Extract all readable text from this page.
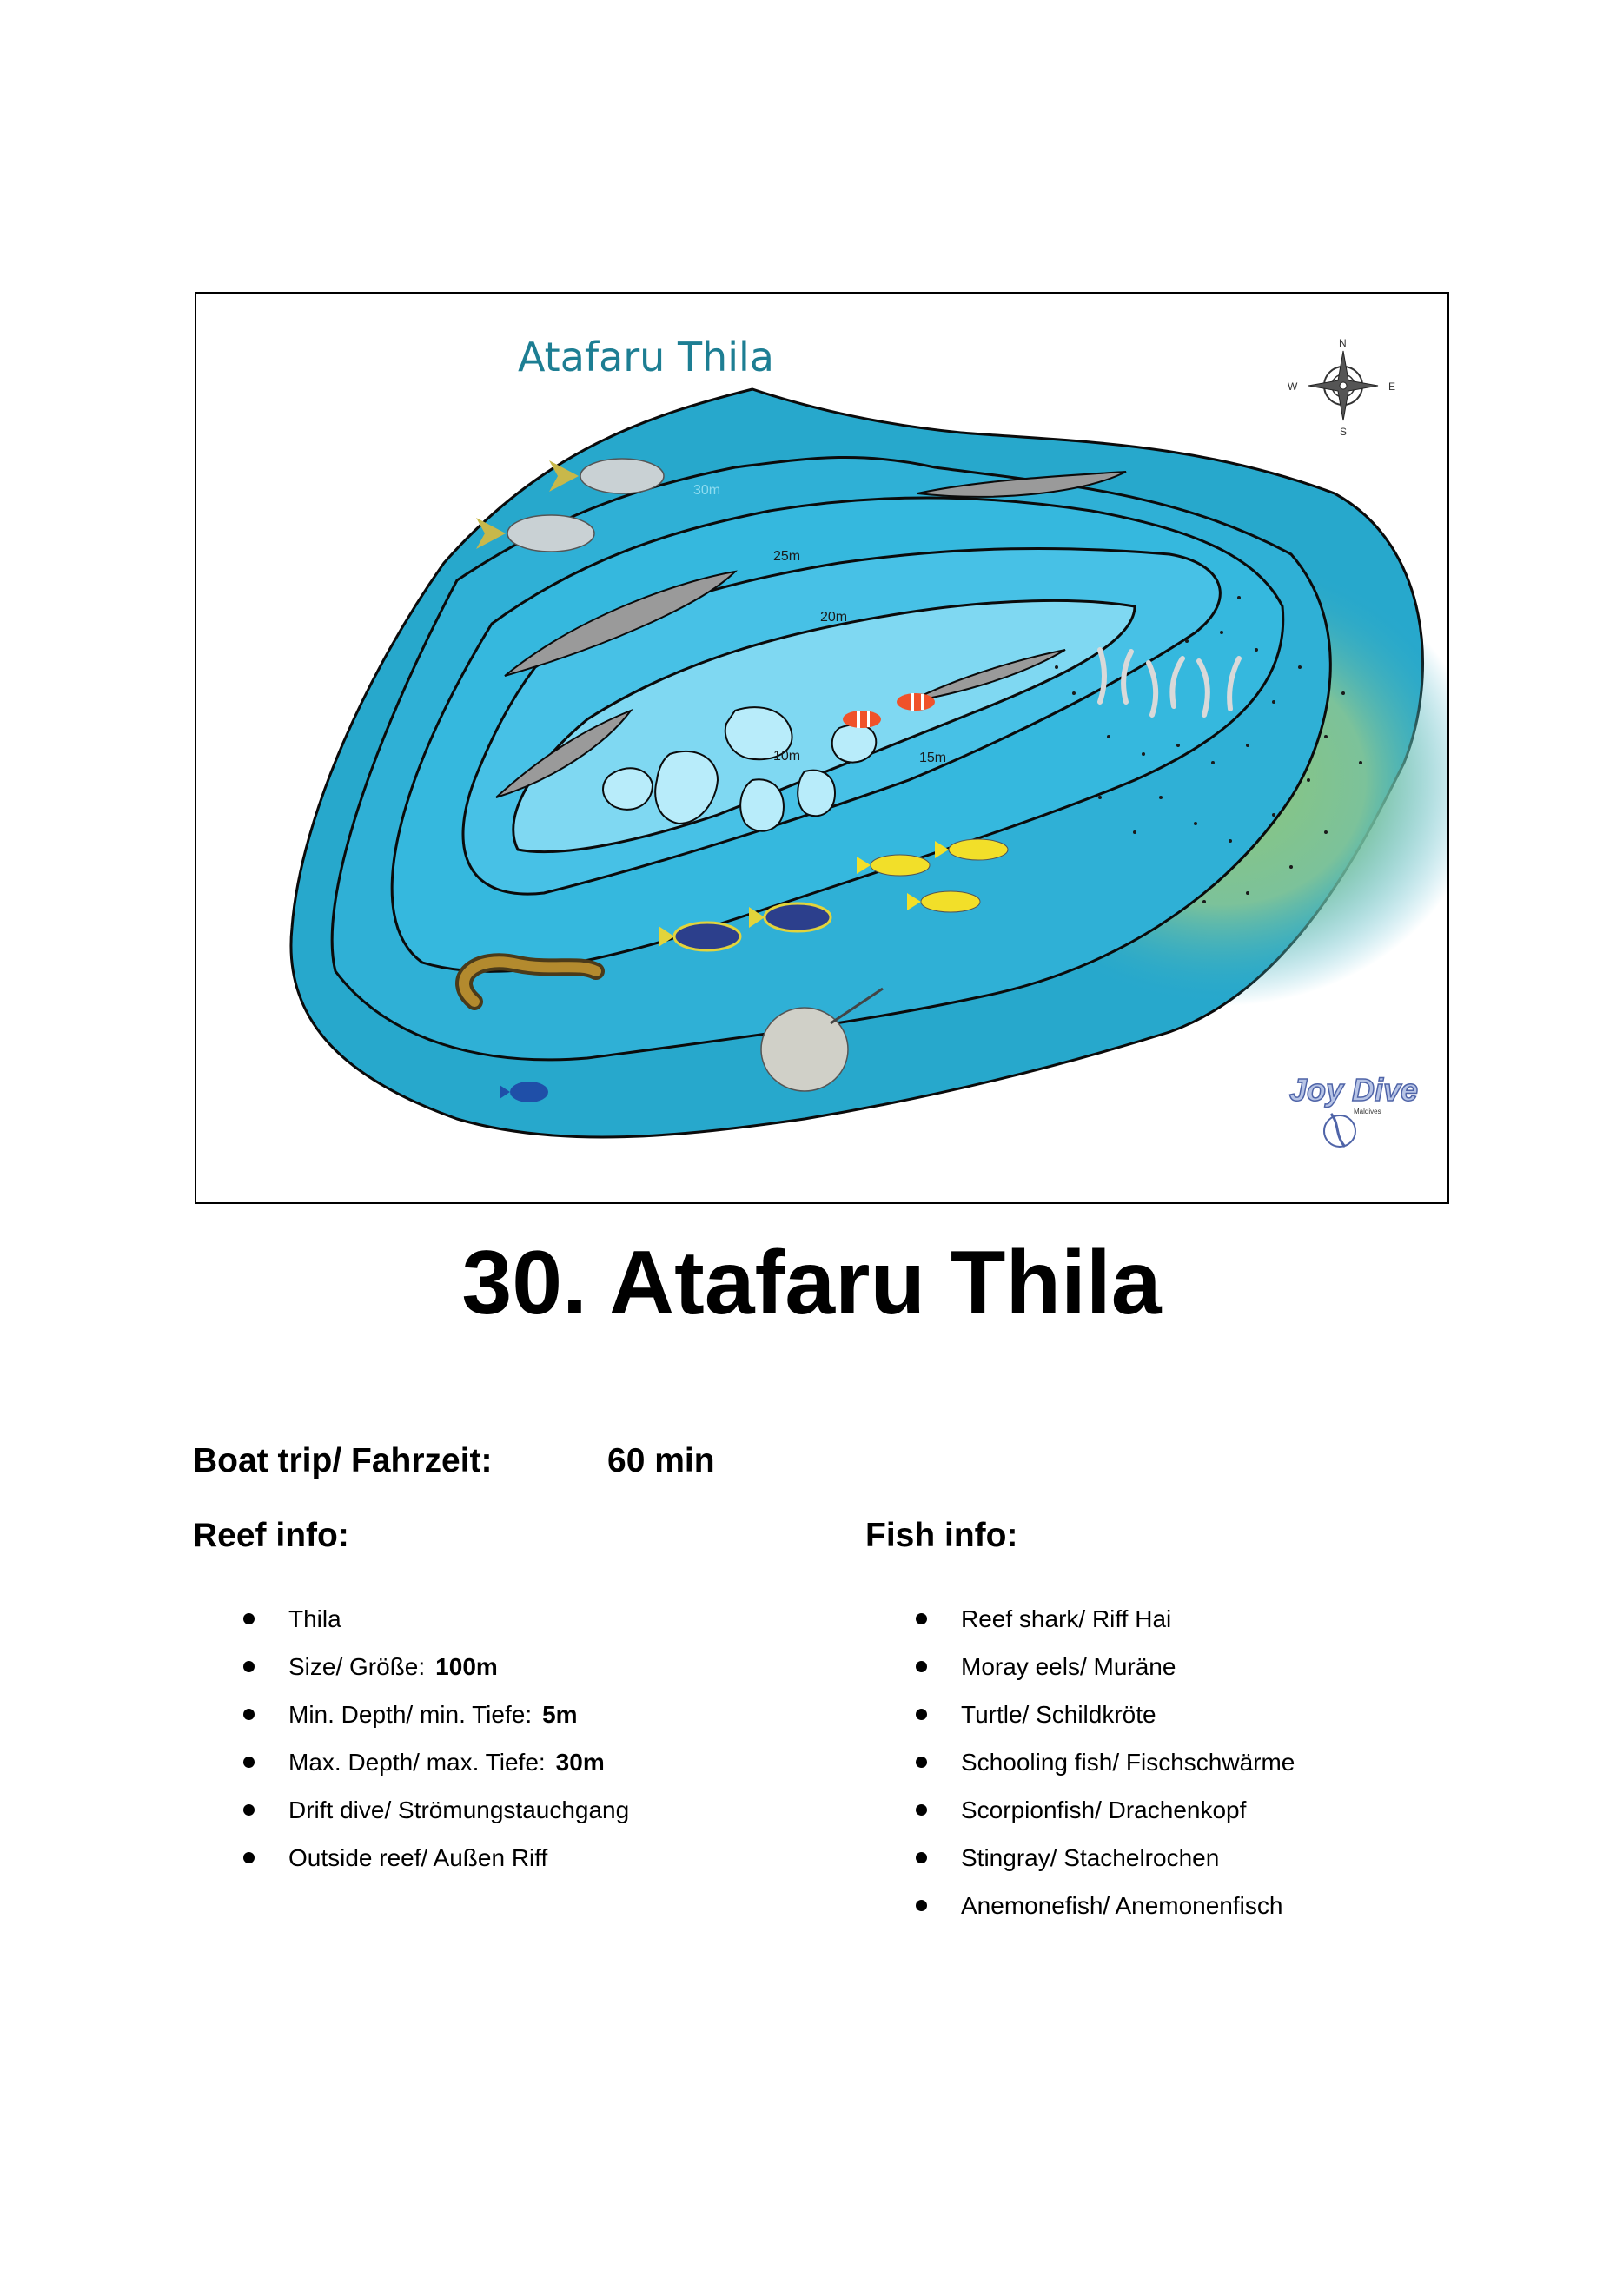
Atafaru Thila
30m
25m
20m
10m	15m
N
E
S
W
Joy Dive
Maldives
30. Atafaru Thila
Boat trip/ Fahrzeit:	60 min
Reef info:	Fish info:
Thila
Size/ Größe: 100m
Min. Depth/ min. Tiefe: 5m
Max. Depth/ max. Tiefe: 30m
Drift dive/ Strömungstauchgang
Outside reef/ Außen Riff
Reef shark/ Riff Hai
Moray eels/ Muräne
Turtle/ Schildkröte
Schooling fish/ Fischschwärme
Scorpionfish/ Drachenkopf
Stingray/ Stachelrochen
Anemonefish/ Anemonenfisch
